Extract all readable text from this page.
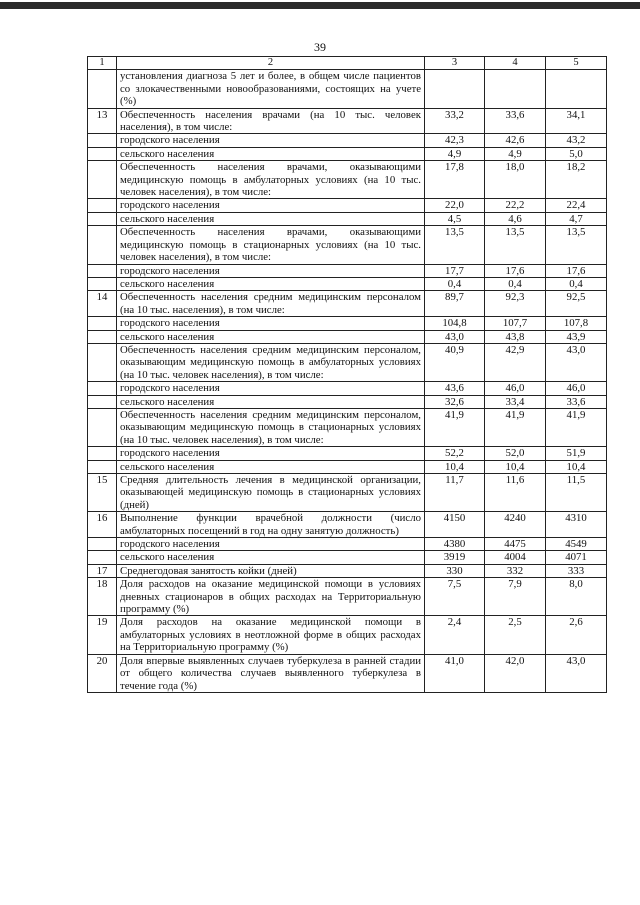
39
1	2	3	4	5
	установления диагноза 5 лет и более, в общем числе пациентов со злокачественными новообразованиями, состоящих на учете (%)			
13	Обеспеченность населения врачами (на 10 тыс. человек населения), в том числе:	33,2	33,6	34,1
	городского населения	42,3	42,6	43,2
	сельского населения	4,9	4,9	5,0
	Обеспеченность населения врачами, оказывающими медицинскую помощь в амбулаторных условиях (на 10 тыс. человек населения), в том числе:	17,8	18,0	18,2
	городского населения	22,0	22,2	22,4
	сельского населения	4,5	4,6	4,7
	Обеспеченность населения врачами, оказывающими медицинскую помощь в стационарных условиях (на 10 тыс. человек населения), в том числе:	13,5	13,5	13,5
	городского населения	17,7	17,6	17,6
	сельского населения	0,4	0,4	0,4
14	Обеспеченность населения средним медицинским персоналом (на 10 тыс. населения), в том числе:	89,7	92,3	92,5
	городского населения	104,8	107,7	107,8
	сельского населения	43,0	43,8	43,9
	Обеспеченность населения средним медицинским персоналом, оказывающим медицинскую помощь в амбулаторных условиях (на 10 тыс. человек населения), в том числе:	40,9	42,9	43,0
	городского населения	43,6	46,0	46,0
	сельского населения	32,6	33,4	33,6
	Обеспеченность населения средним медицинским персоналом, оказывающим медицинскую помощь в стационарных условиях (на 10 тыс. человек населения), в том числе:	41,9	41,9	41,9
	городского населения	52,2	52,0	51,9
	сельского населения	10,4	10,4	10,4
15	Средняя длительность лечения в медицинской организации, оказывающей медицинскую помощь в стационарных условиях (дней)	11,7	11,6	11,5
16	Выполнение функции врачебной должности (число амбулаторных посещений в год на одну занятую должность)	4150	4240	4310
	городского населения	4380	4475	4549
	сельского населения	3919	4004	4071
17	Среднегодовая занятость койки (дней)	330	332	333
18	Доля расходов на оказание медицинской помощи в условиях дневных стационаров в общих расходах на Территориальную программу (%)	7,5	7,9	8,0
19	Доля расходов на оказание медицинской помощи в амбулаторных условиях в неотложной форме в общих расходах на Территориальную программу (%)	2,4	2,5	2,6
20	Доля впервые выявленных случаев туберкулеза в ранней стадии от общего количества случаев выявленного туберкулеза в течение года (%)	41,0	42,0	43,0
